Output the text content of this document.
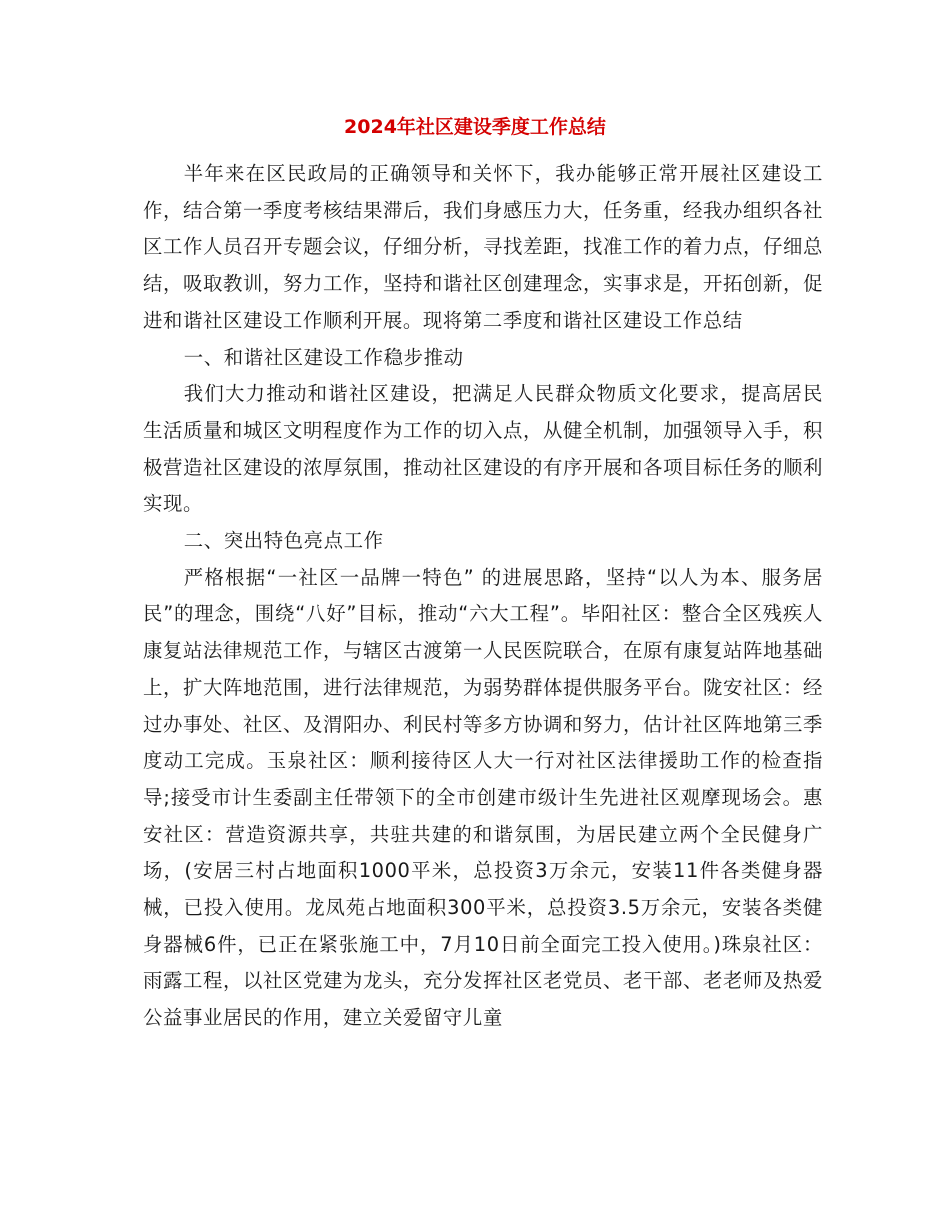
2024年社区建设季度工作总结

半年来在区民政局的正确领导和关怀下，我办能够正常开展社区建设工作，结合第一季度考核结果滞后，我们身感压力大，任务重，经我办组织各社区工作人员召开专题会议，仔细分析，寻找差距，找准工作的着力点，仔细总结，吸取教训，努力工作，坚持和谐社区创建理念，实事求是，开拓创新，促进和谐社区建设工作顺利开展。现将第二季度和谐社区建设工作总结

一、和谐社区建设工作稳步推动

我们大力推动和谐社区建设，把满足人民群众物质文化要求，提高居民生活质量和城区文明程度作为工作的切入点，从健全机制，加强领导入手，积极营造社区建设的浓厚氛围，推动社区建设的有序开展和各项目标任务的顺利实现。

二、突出特色亮点工作

严格根据“一社区一品牌一特色” 的进展思路，坚持“以人为本、服务居民”的理念，围绕“八好”目标，推动“六大工程”。毕阳社区：整合全区残疾人康复站法律规范工作，与辖区古渡第一人民医院联合，在原有康复站阵地基础上，扩大阵地范围，进行法律规范，为弱势群体提供服务平台。陇安社区：经过办事处、社区、及渭阳办、利民村等多方协调和努力，估计社区阵地第三季度动工完成。玉泉社区：顺利接待区人大一行对社区法律援助工作的检查指导;接受市计生委副主任带领下的全市创建市级计生先进社区观摩现场会。惠安社区：营造资源共享，共驻共建的和谐氛围，为居民建立两个全民健身广场，(安居三村占地面积1000平米，总投资3万余元，安装11件各类健身器械，已投入使用。龙凤苑占地面积300平米，总投资3.5万余元，安装各类健身器械6件，已正在紧张施工中，7月10日前全面完工投入使用。)珠泉社区：雨露工程，以社区党建为龙头，充分发挥社区老党员、老干部、老老师及热爱公益事业居民的作用，建立关爱留守儿童
